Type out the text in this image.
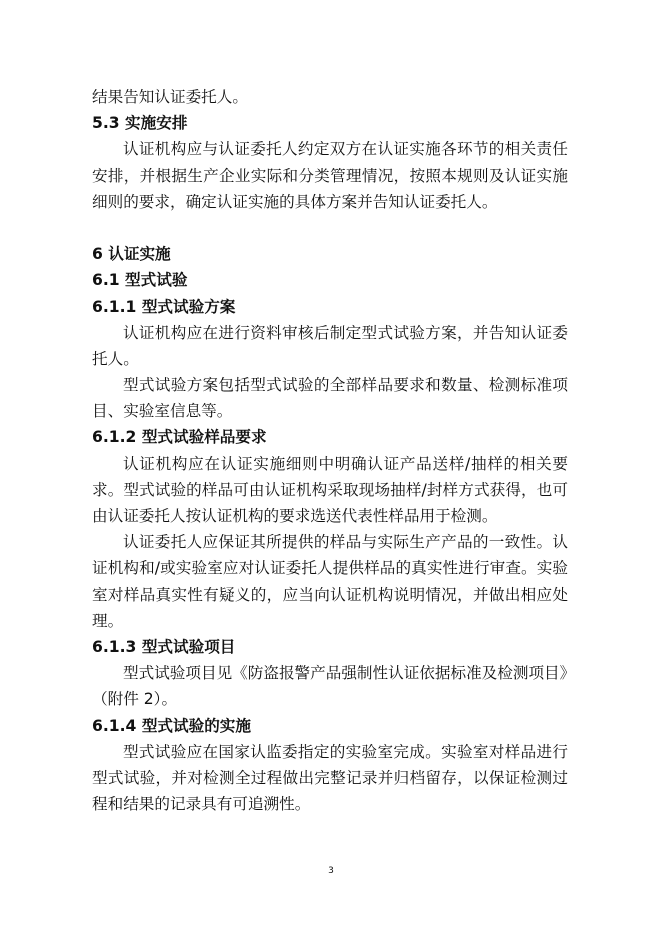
结果告知认证委托人。
5.3 实施安排
认证机构应与认证委托人约定双方在认证实施各环节的相关责任
安排，并根据生产企业实际和分类管理情况，按照本规则及认证实施
细则的要求，确定认证实施的具体方案并告知认证委托人。
6 认证实施
6.1 型式试验
6.1.1 型式试验方案
认证机构应在进行资料审核后制定型式试验方案，并告知认证委
托人。
型式试验方案包括型式试验的全部样品要求和数量、检测标准项
目、实验室信息等。
6.1.2 型式试验样品要求
认证机构应在认证实施细则中明确认证产品送样/抽样的相关要
求。型式试验的样品可由认证机构采取现场抽样/封样方式获得，也可
由认证委托人按认证机构的要求选送代表性样品用于检测。
认证委托人应保证其所提供的样品与实际生产产品的一致性。认
证机构和/或实验室应对认证委托人提供样品的真实性进行审查。实验
室对样品真实性有疑义的，应当向认证机构说明情况，并做出相应处
理。
6.1.3 型式试验项目
型式试验项目见《防盗报警产品强制性认证依据标准及检测项目》
（附件 2）。
6.1.4 型式试验的实施
型式试验应在国家认监委指定的实验室完成。实验室对样品进行
型式试验，并对检测全过程做出完整记录并归档留存，以保证检测过
程和结果的记录具有可追溯性。
3
